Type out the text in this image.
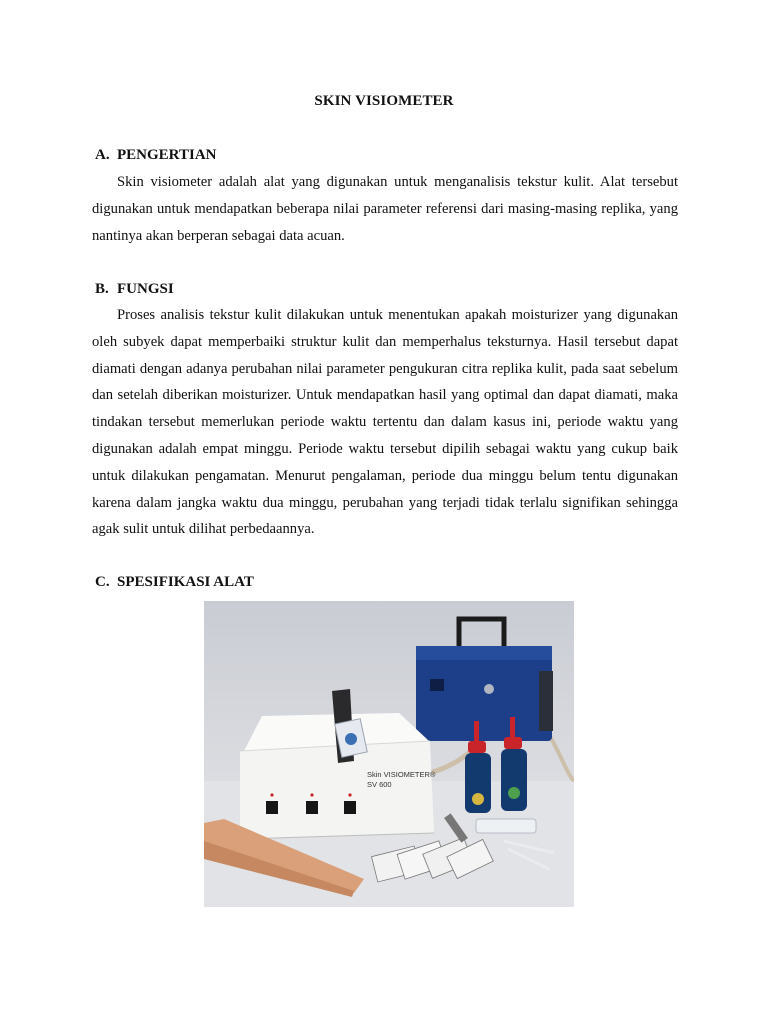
SKIN VISIOMETER
A. PENGERTIAN

Skin visiometer adalah alat yang digunakan untuk menganalisis tekstur kulit. Alat tersebut digunakan untuk mendapatkan beberapa nilai parameter referensi dari masing-masing replika, yang nantinya akan berperan sebagai data acuan.

B. FUNGSI

Proses analisis tekstur kulit dilakukan untuk menentukan apakah moisturizer yang digunakan oleh subyek dapat memperbaiki struktur kulit dan memperhalus teksturnya. Hasil tersebut dapat diamati dengan adanya perubahan nilai parameter pengukuran citra replika kulit, pada saat sebelum dan setelah diberikan moisturizer. Untuk mendapatkan hasil yang optimal dan dapat diamati, maka tindakan tersebut memerlukan periode waktu tertentu dan dalam kasus ini, periode waktu yang digunakan adalah empat minggu. Periode waktu tersebut dipilih sebagai waktu yang cukup baik untuk dilakukan pengamatan. Menurut pengalaman, periode dua minggu belum tentu digunakan karena dalam jangka waktu dua minggu, perubahan yang terjadi tidak terlalu signifikan sehingga agak sulit untuk dilihat perbedaannya.

C. SPESIFIKASI ALAT
Skin VISIOMETER®
SV 600
